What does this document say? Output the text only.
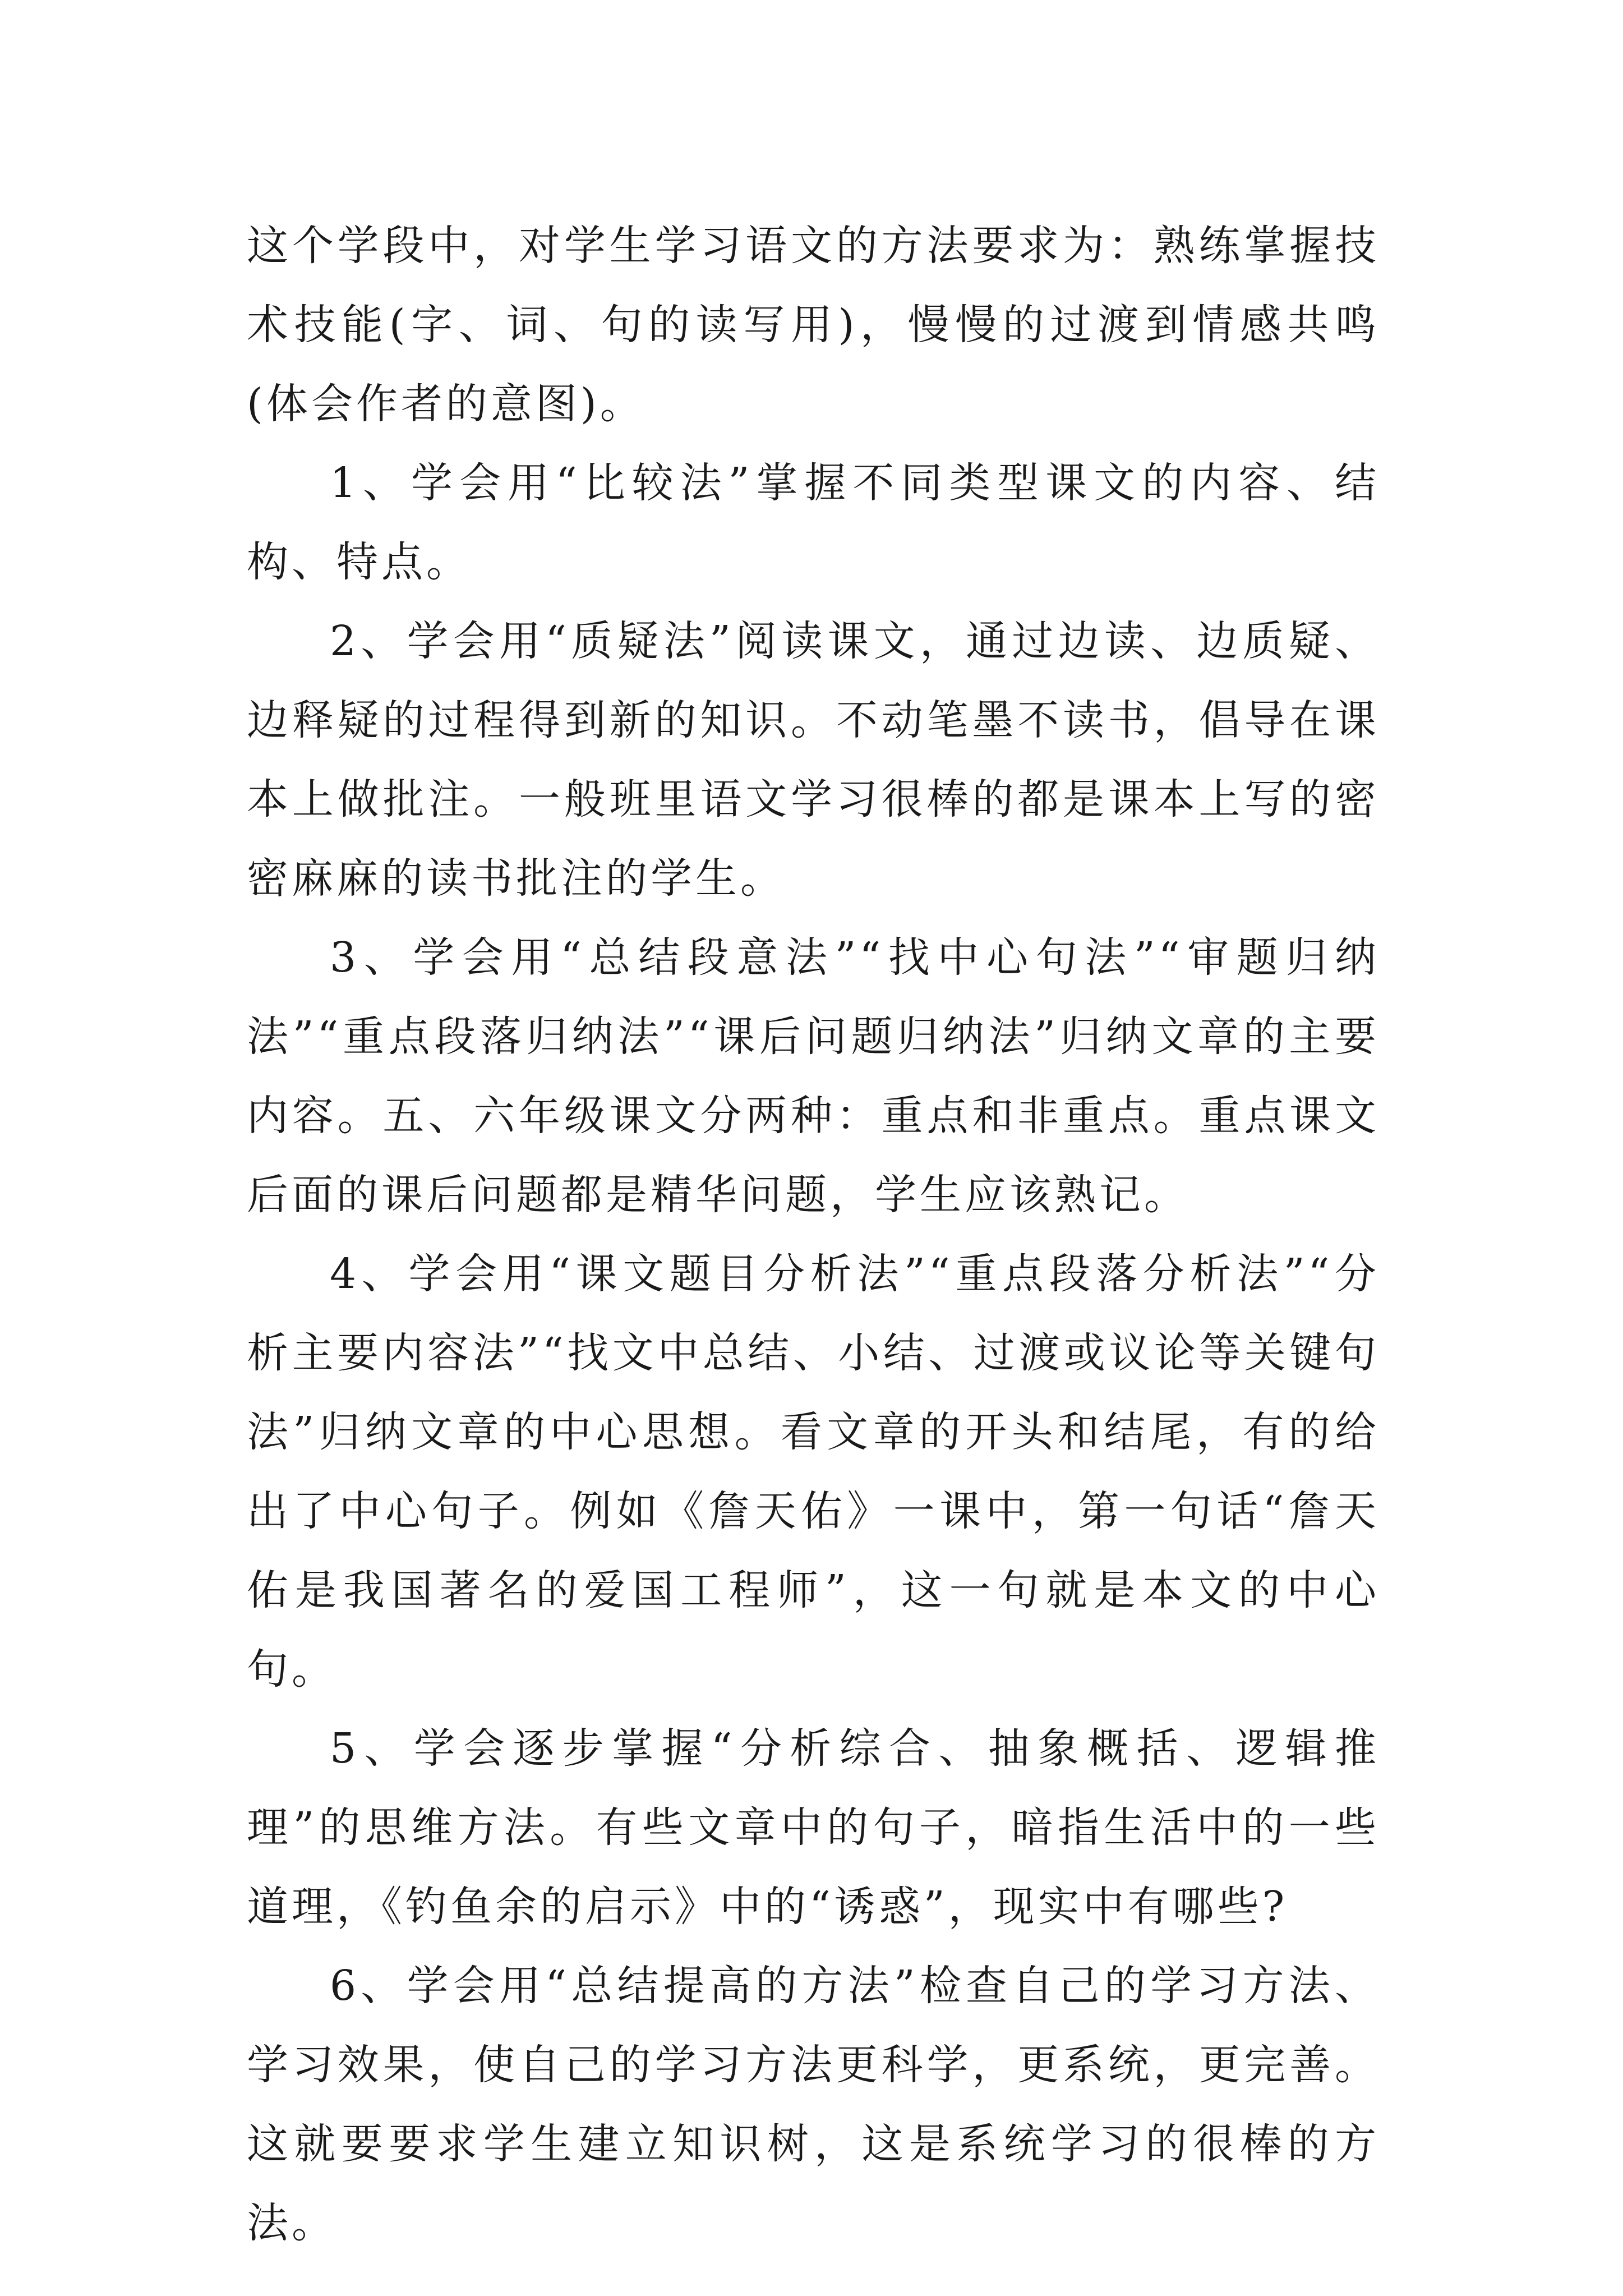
这个学段中，对学生学习语文的方法要求为：熟练掌握技术技能(字、词、句的读写用)，慢慢的过渡到情感共鸣(体会作者的意图)。

1、学会用“比较法”掌握不同类型课文的内容、结构、特点。

2、学会用“质疑法”阅读课文，通过边读、边质疑、边释疑的过程得到新的知识。不动笔墨不读书，倡导在课本上做批注。一般班里语文学习很棒的都是课本上写的密密麻麻的读书批注的学生。

3、学会用“总结段意法”“找中心句法”“审题归纳法”“重点段落归纳法”“课后问题归纳法”归纳文章的主要内容。五、六年级课文分两种：重点和非重点。重点课文后面的课后问题都是精华问题，学生应该熟记。

4、学会用“课文题目分析法”“重点段落分析法”“分析主要内容法”“找文中总结、小结、过渡或议论等关键句法”归纳文章的中心思想。看文章的开头和结尾，有的给出了中心句子。例如《詹天佑》一课中，第一句话“詹天佑是我国著名的爱国工程师”，这一句就是本文的中心句。

5、学会逐步掌握“分析综合、抽象概括、逻辑推理”的思维方法。有些文章中的句子，暗指生活中的一些道理，《钓鱼余的启示》中的“诱惑”，现实中有哪些?

6、学会用“总结提高的方法”检查自己的学习方法、学习效果，使自己的学习方法更科学，更系统，更完善。这就要要求学生建立知识树，这是系统学习的很棒的方法。
